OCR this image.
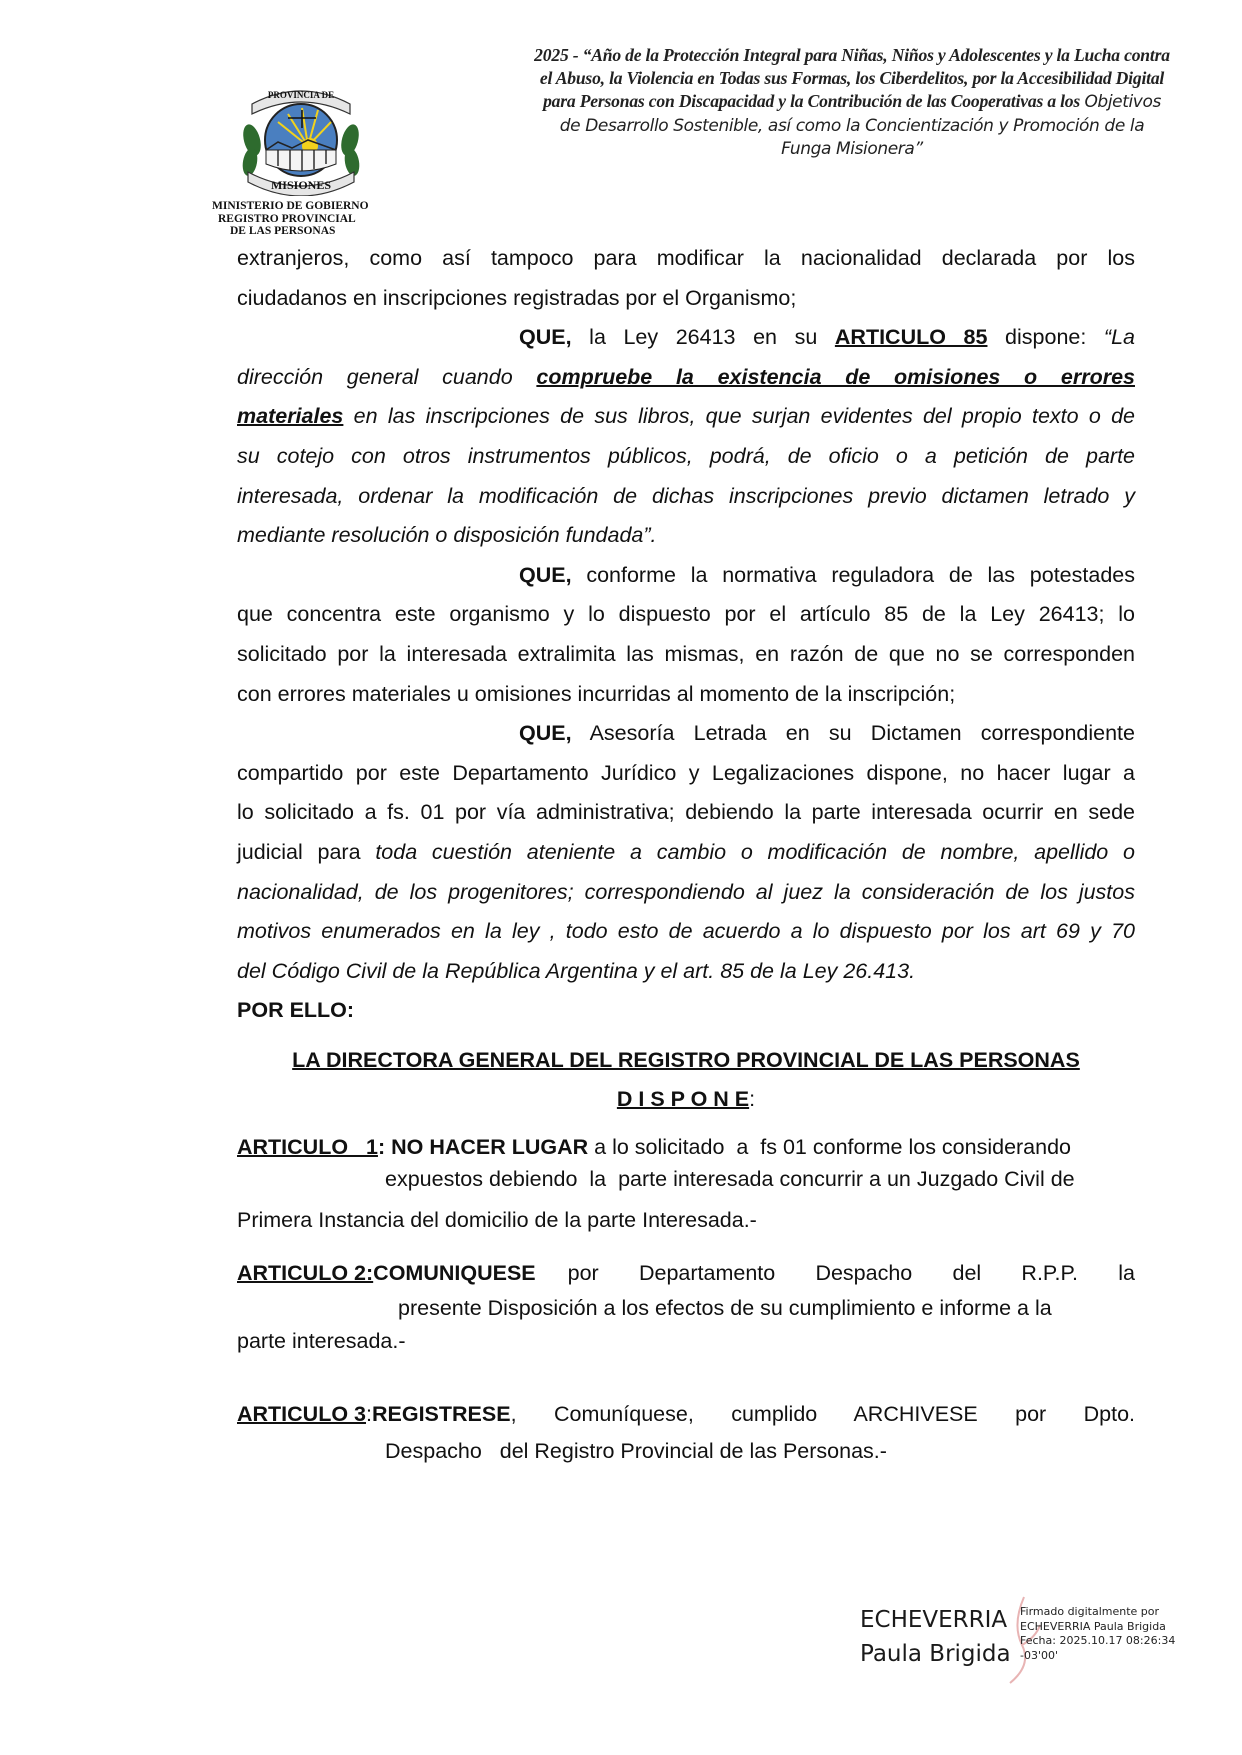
PROVINCIA DE
MISIONES
MINISTERIO DE GOBIERNO
REGISTRO PROVINCIAL
DE LAS PERSONAS
2025 - “Año de la Protección Integral para Niñas, Niños y Adolescentes y la Lucha contra
el Abuso, la Violencia en Todas sus Formas, los Ciberdelitos, por la Accesibilidad Digital
para Personas con Discapacidad y la Contribución de las Cooperativas a los Objetivos
de Desarrollo Sostenible, así como la Concientización y Promoción de la
Funga Misionera”
extranjeros, como así tampoco para modificar la nacionalidad declarada por los
ciudadanos en inscripciones registradas por el Organismo;
QUE, la Ley 26413 en su ARTICULO 85 dispone: “La
dirección general cuando compruebe la existencia de omisiones o errores
materiales en las inscripciones de sus libros, que surjan evidentes del propio texto o de
su cotejo con otros instrumentos públicos, podrá, de oficio o a petición de parte
interesada, ordenar la modificación de dichas inscripciones previo dictamen letrado y
mediante resolución o disposición fundada”.
QUE, conforme la normativa reguladora de las potestades
que concentra este organismo y lo dispuesto por el artículo 85 de la Ley 26413; lo
solicitado por la interesada extralimita las mismas, en razón de que no se corresponden
con errores materiales u omisiones incurridas al momento de la inscripción;
QUE, Asesoría Letrada en su Dictamen correspondiente
compartido por este Departamento Jurídico y Legalizaciones dispone, no hacer lugar a
lo solicitado a fs. 01 por vía administrativa; debiendo la parte interesada ocurrir en sede
judicial para toda cuestión ateniente a cambio o modificación de nombre, apellido o
nacionalidad, de los progenitores; correspondiendo al juez la consideración de los justos
motivos enumerados en la ley , todo esto de acuerdo a lo dispuesto por los art 69 y 70
del Código Civil de la República Argentina y el art. 85 de la Ley 26.413.
POR ELLO:
LA DIRECTORA GENERAL DEL REGISTRO PROVINCIAL DE LAS PERSONAS
D I S P O N E:
ARTICULO   1: NO HACER LUGAR a lo solicitado  a  fs 01 conforme los considerando
expuestos debiendo  la  parte interesada concurrir a un Juzgado Civil de
Primera Instancia del domicilio de la parte Interesada.-
ARTICULO 2: COMUNIQUESE	por Departamento Despacho del R.P.P. la
presente Disposición a los efectos de su cumplimiento e informe a la
parte interesada.-
ARTICULO 3 : REGISTRESE , Comuníquese, cumplido ARCHIVESE por Dpto.
Despacho   del Registro Provincial de las Personas.-
ECHEVERRIA
Paula Brigida
Firmado digitalmente por
ECHEVERRIA Paula Brigida
Fecha: 2025.10.17 08:26:34
-03'00'
